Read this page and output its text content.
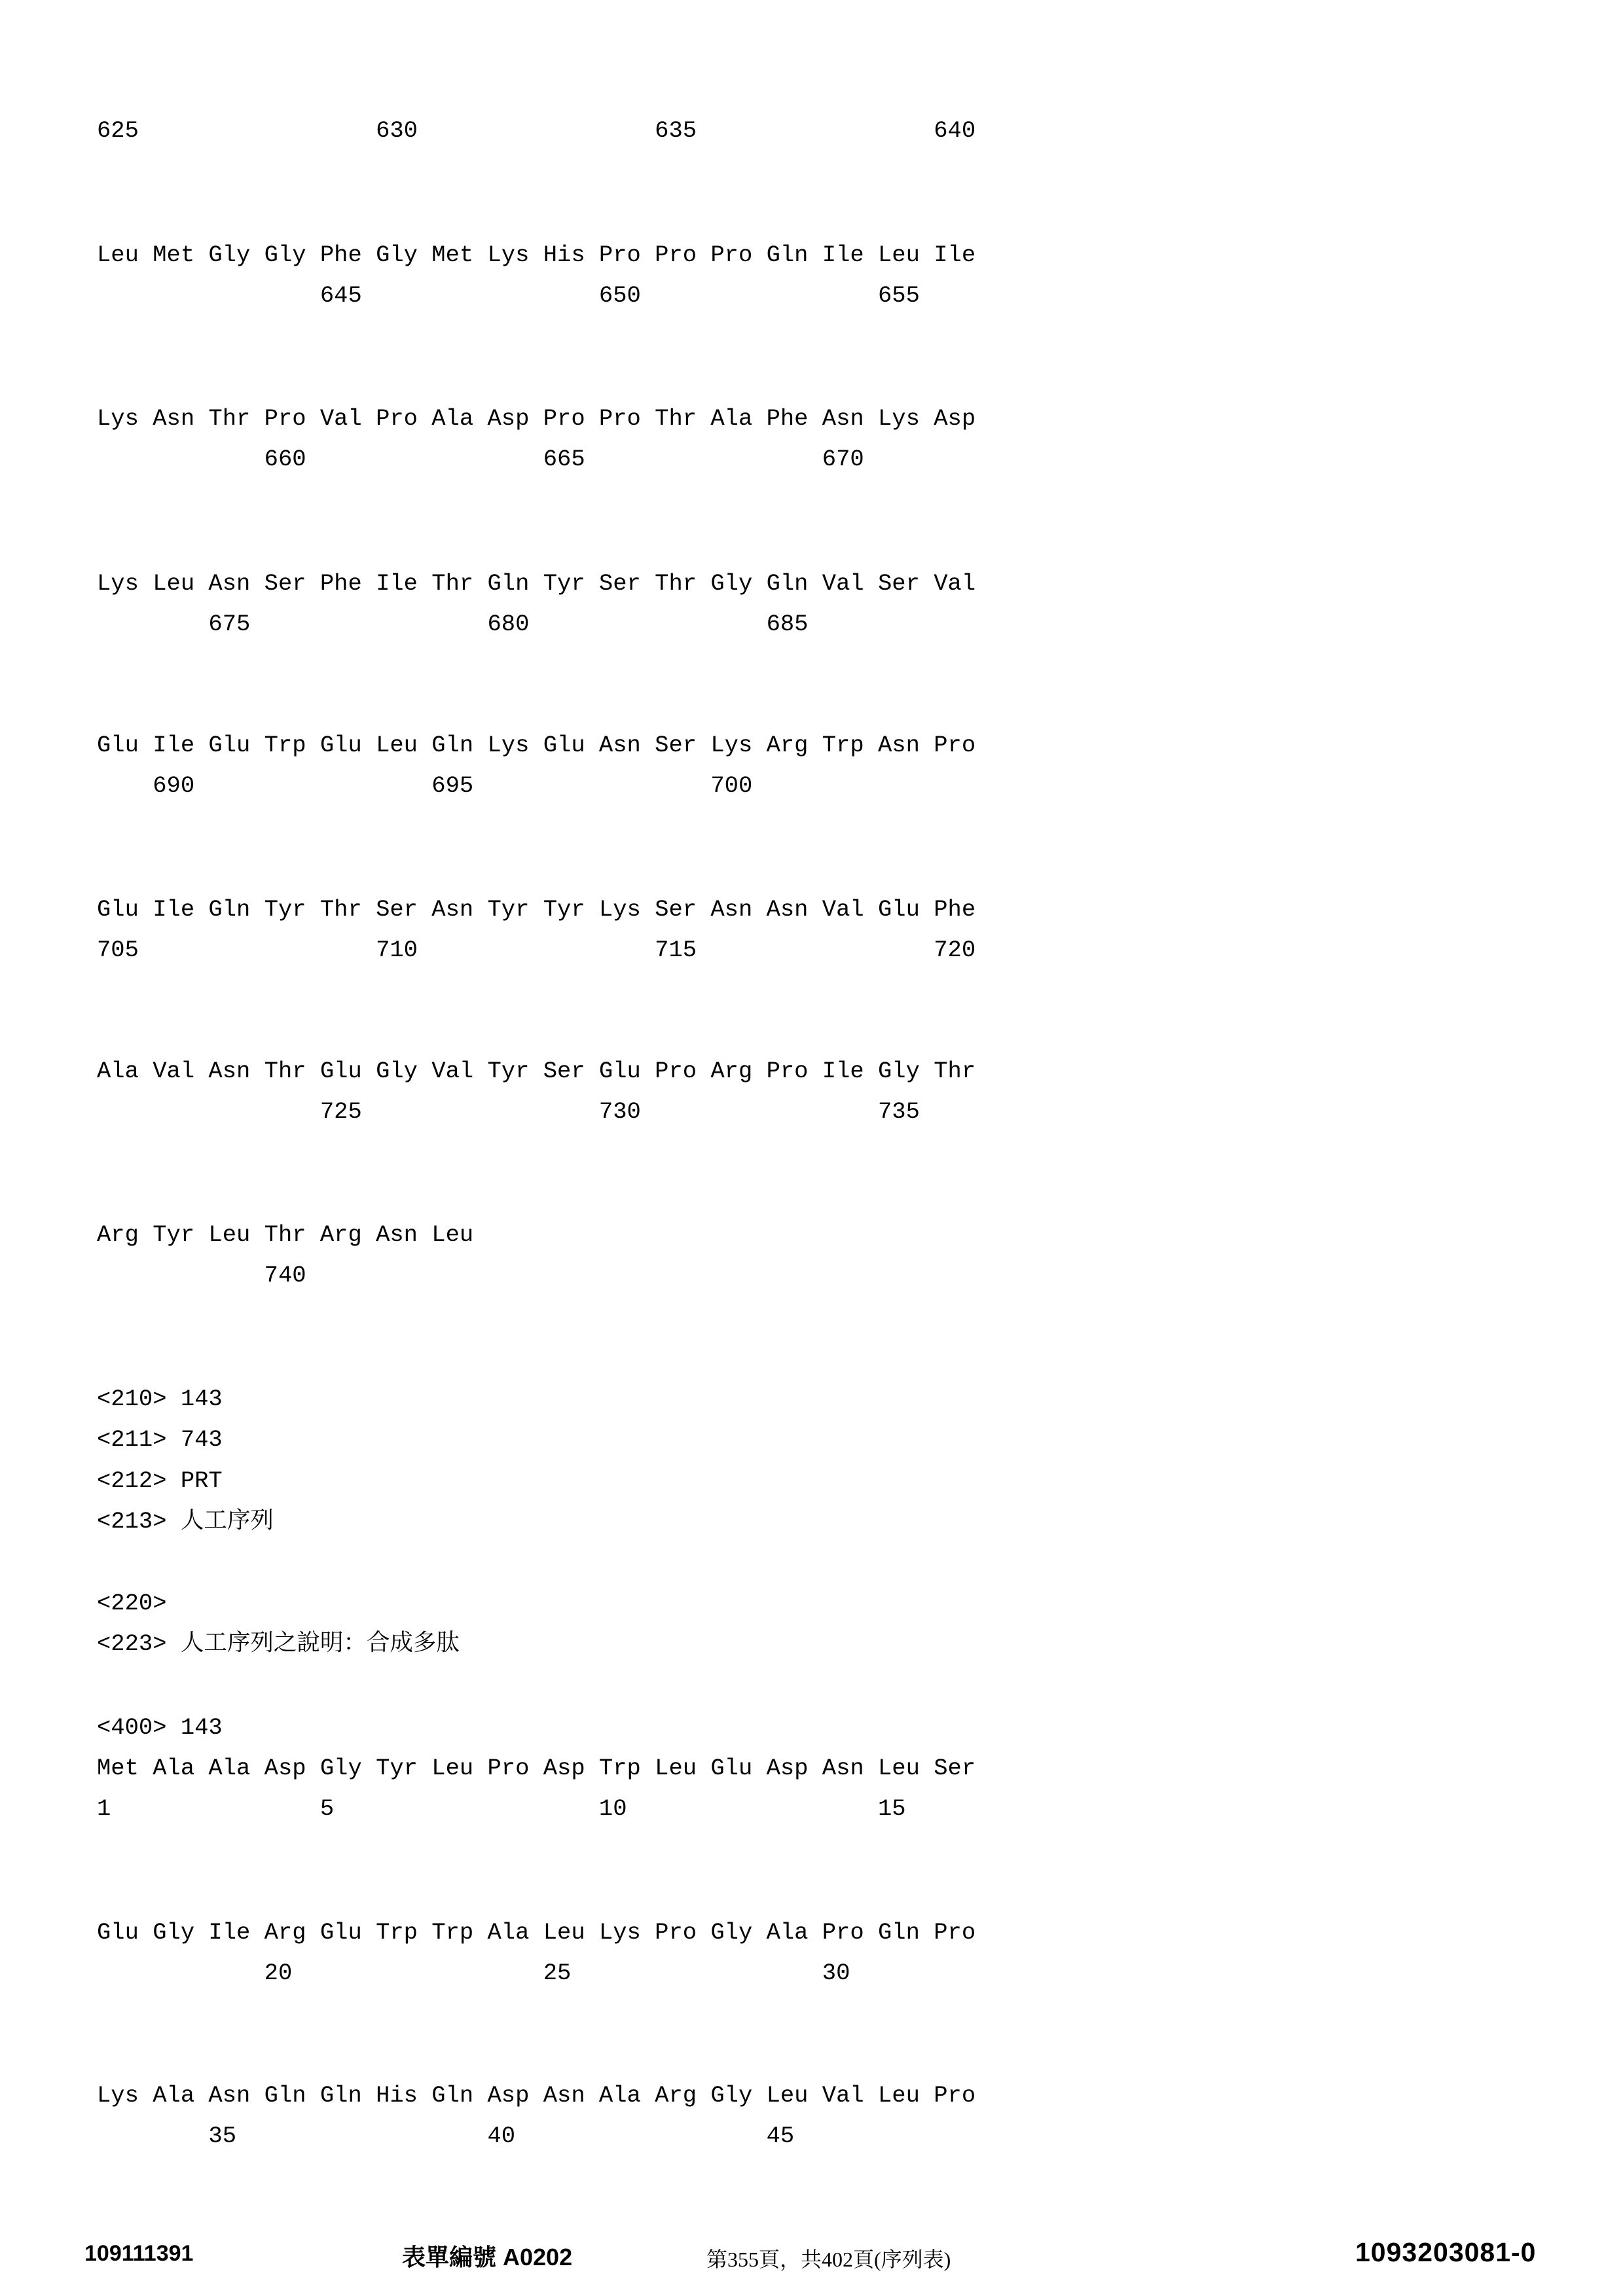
625                 630                 635                 640
Leu Met Gly Gly Phe Gly Met Lys His Pro Pro Pro Gln Ile Leu Ile
645                 650                 655
Lys Asn Thr Pro Val Pro Ala Asp Pro Pro Thr Ala Phe Asn Lys Asp
660                 665                 670
Lys Leu Asn Ser Phe Ile Thr Gln Tyr Ser Thr Gly Gln Val Ser Val
675                 680                 685
Glu Ile Glu Trp Glu Leu Gln Lys Glu Asn Ser Lys Arg Trp Asn Pro
690                 695                 700
Glu Ile Gln Tyr Thr Ser Asn Tyr Tyr Lys Ser Asn Asn Val Glu Phe
705                 710                 715                 720
Ala Val Asn Thr Glu Gly Val Tyr Ser Glu Pro Arg Pro Ile Gly Thr
725                 730                 735
Arg Tyr Leu Thr Arg Asn Leu
740
<210> 143
<211> 743
<212> PRT
<213> 人工序列
<220>
<223> 人工序列之說明：合成多肽
<400> 143
Met Ala Ala Asp Gly Tyr Leu Pro Asp Trp Leu Glu Asp Asn Leu Ser
1               5                   10                  15
Glu Gly Ile Arg Glu Trp Trp Ala Leu Lys Pro Gly Ala Pro Gln Pro
20                  25                  30
Lys Ala Asn Gln Gln His Gln Asp Asn Ala Arg Gly Leu Val Leu Pro
35                  40                  45
109111391	表單編號 A0202	第355頁，共402頁(序列表)	1093203081-0
